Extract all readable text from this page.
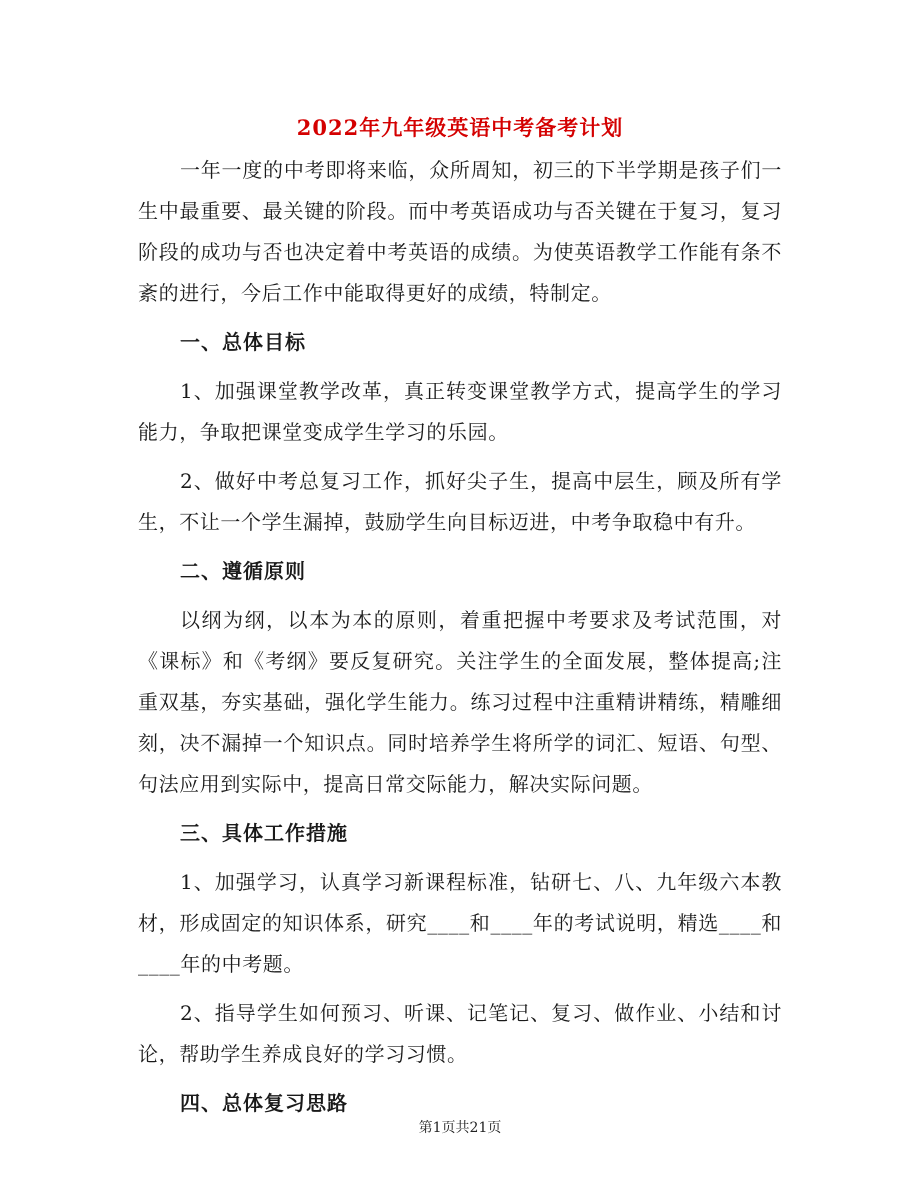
2022年九年级英语中考备考计划

一年一度的中考即将来临，众所周知，初三的下半学期是孩子们一生中最重要、最关键的阶段。而中考英语成功与否关键在于复习，复习阶段的成功与否也决定着中考英语的成绩。为使英语教学工作能有条不紊的进行，今后工作中能取得更好的成绩，特制定。

一、总体目标

1、加强课堂教学改革，真正转变课堂教学方式，提高学生的学习能力，争取把课堂变成学生学习的乐园。

2、做好中考总复习工作，抓好尖子生，提高中层生，顾及所有学生，不让一个学生漏掉，鼓励学生向目标迈进，中考争取稳中有升。

二、遵循原则

以纲为纲，以本为本的原则，着重把握中考要求及考试范围，对《课标》和《考纲》要反复研究。关注学生的全面发展，整体提高;注重双基，夯实基础，强化学生能力。练习过程中注重精讲精练，精雕细刻，决不漏掉一个知识点。同时培养学生将所学的词汇、短语、句型、句法应用到实际中，提高日常交际能力，解决实际问题。

三、具体工作措施

1、加强学习，认真学习新课程标准，钻研七、八、九年级六本教材，形成固定的知识体系，研究____和____年的考试说明，精选____和____年的中考题。

2、指导学生如何预习、听课、记笔记、复习、做作业、小结和讨论，帮助学生养成良好的学习习惯。

四、总体复习思路

第1页共21页
